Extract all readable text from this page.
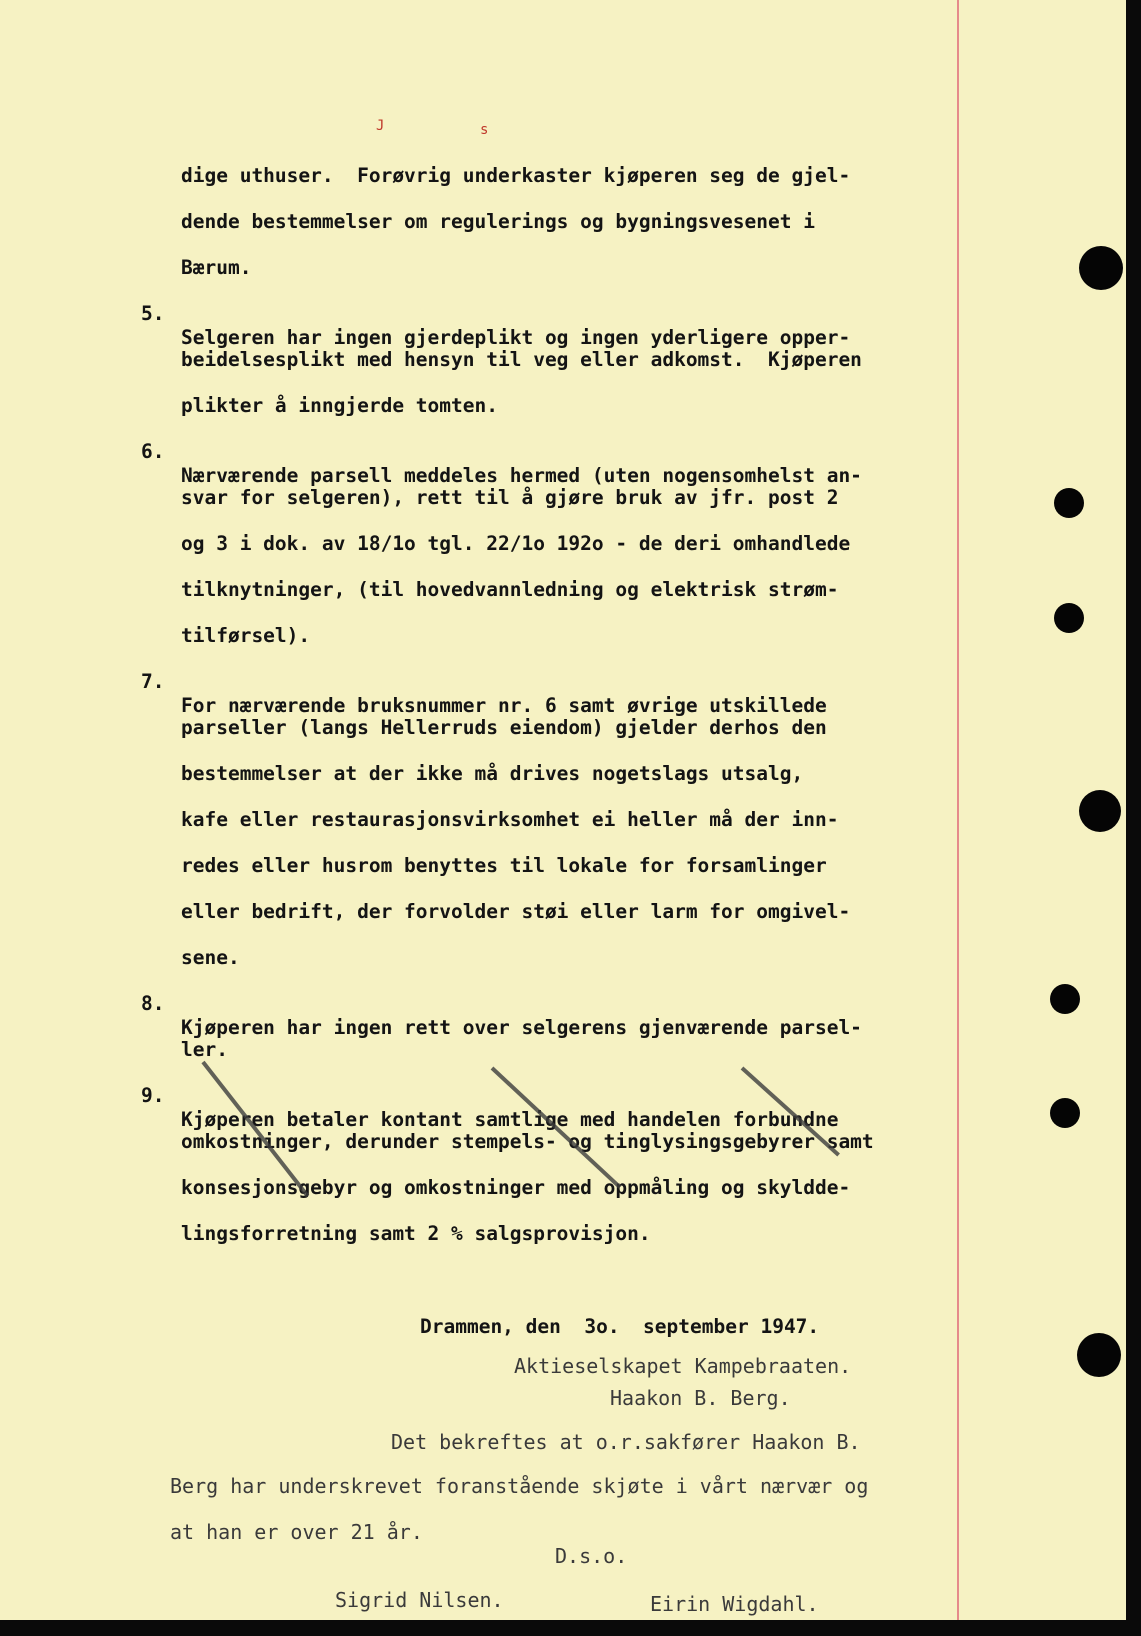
J	s

dige uthuser.  Forøvrig underkaster kjøperen seg de gjel-

dende bestemmelser om regulerings og bygningsvesenet i

Bærum.

5.

Selgeren har ingen gjerdeplikt og ingen yderligere opper-

beidelsesplikt med hensyn til veg eller adkomst.  Kjøperen

plikter å inngjerde tomten.

6.

Nærværende parsell meddeles hermed (uten nogensomhelst an-

svar for selgeren), rett til å gjøre bruk av jfr. post 2

og 3 i dok. av 18/1o tgl. 22/1o 192o - de deri omhandlede

tilknytninger, (til hovedvannledning og elektrisk strøm-

tilførsel).

7.

For nærværende bruksnummer nr. 6 samt øvrige utskillede

parseller (langs Hellerruds eiendom) gjelder derhos den

bestemmelser at der ikke må drives nogetslags utsalg,

kafe eller restaurasjonsvirksomhet ei heller må der inn-

redes eller husrom benyttes til lokale for forsamlinger

eller bedrift, der forvolder støi eller larm for omgivel-

sene.

8.

Kjøperen har ingen rett over selgerens gjenværende parsel-

ler.

9.

Kjøperen betaler kontant samtlige med handelen forbundne

omkostninger, derunder stempels- og tinglysingsgebyrer samt

konsesjonsgebyr og omkostninger med oppmåling og skyldde-

lingsforretning samt 2 % salgsprovisjon.

Drammen, den  3o.  september 1947.
Aktieselskapet Kampebraaten.
Haakon B. Berg.
Det bekreftes at o.r.sakfører Haakon B.
Berg har underskrevet foranstående skjøte i vårt nærvær og
at han er over 21 år.
D.s.o.
Sigrid Nilsen.	Eirin Wigdahl.
